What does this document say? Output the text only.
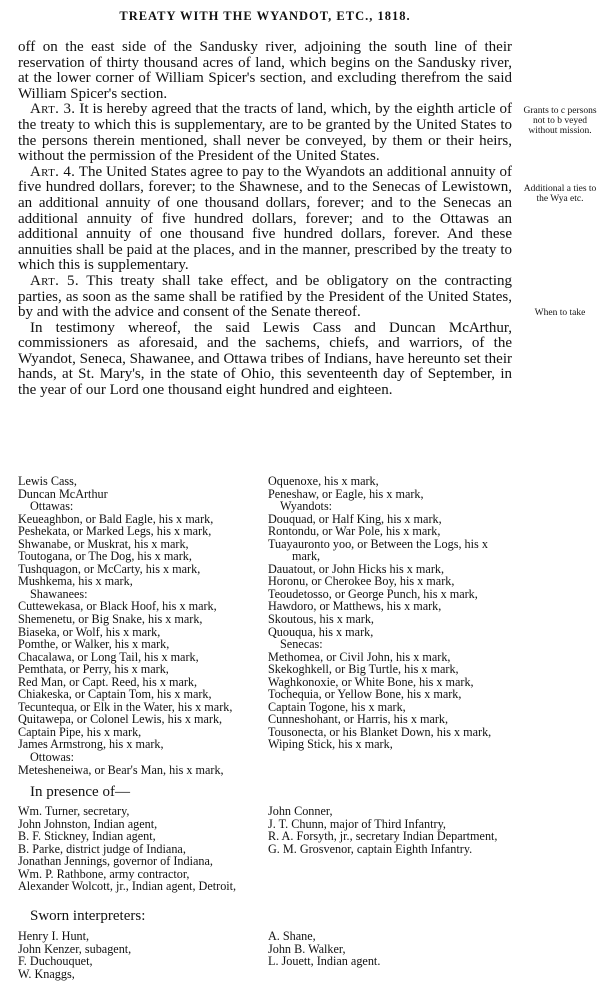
TREATY WITH THE WYANDOT, ETC., 1818.

off on the east side of the Sandusky river, adjoining the south line of their reservation of thirty thousand acres of land, which begins on the Sandusky river, at the lower corner of William Spicer's section, and excluding therefrom the said William Spicer's section.

Art. 3. It is hereby agreed that the tracts of land, which, by the eighth article of the treaty to which this is supplementary, are to be granted by the United States to the persons therein mentioned, shall never be conveyed, by them or their heirs, without the permission of the President of the United States.

Art. 4. The United States agree to pay to the Wyandots an additional annuity of five hundred dollars, forever; to the Shawnese, and to the Senecas of Lewistown, an additional annuity of one thousand dollars, forever; and to the Senecas an additional annuity of five hundred dollars, forever; and to the Ottawas an additional annuity of one thousand five hundred dollars, forever. And these annuities shall be paid at the places, and in the manner, prescribed by the treaty to which this is supplementary.

Art. 5. This treaty shall take effect, and be obligatory on the contracting parties, as soon as the same shall be ratified by the President of the United States, by and with the advice and consent of the Senate thereof.

In testimony whereof, the said Lewis Cass and Duncan McArthur, commissioners as aforesaid, and the sachems, chiefs, and warriors, of the Wyandot, Seneca, Shawanee, and Ottawa tribes of Indians, have hereunto set their hands, at St. Mary's, in the state of Ohio, this seventeenth day of September, in the year of our Lord one thousand eight hundred and eighteen.

Grants to c persons not to b veyed without mission.
Additional a ties to the Wya etc.
When to take
Lewis Cass,
Duncan McArthur
Ottawas:
Keueaghbon, or Bald Eagle, his x mark,
Peshekata, or Marked Legs, his x mark,
Shwanabe, or Muskrat, his x mark,
Toutogana, or The Dog, his x mark,
Tushquagon, or McCarty, his x mark,
Mushkema, his x mark,
Shawanees:
Cuttewekasa, or Black Hoof, his x mark,
Shemenetu, or Big Snake, his x mark,
Biaseka, or Wolf, his x mark,
Pomthe, or Walker, his x mark,
Chacalawa, or Long Tail, his x mark,
Pemthata, or Perry, his x mark,
Red Man, or Capt. Reed, his x mark,
Chiakeska, or Captain Tom, his x mark,
Tecuntequa, or Elk in the Water, his x mark,
Quitawepa, or Colonel Lewis, his x mark,
Captain Pipe, his x mark,
James Armstrong, his x mark,
Ottowas:
Metesheneiwa, or Bear's Man, his x mark,
Oquenoxe, his x mark,
Peneshaw, or Eagle, his x mark,
Wyandots:
Douquad, or Half King, his x mark,
Rontondu, or War Pole, his x mark,
Tuayauronto yoo, or Between the Logs, his x mark,
Dauatout, or John Hicks his x mark,
Horonu, or Cherokee Boy, his x mark,
Teoudetosso, or George Punch, his x mark,
Hawdoro, or Matthews, his x mark,
Skoutous, his x mark,
Quouqua, his x mark,
Senecas:
Methomea, or Civil John, his x mark,
Skekoghkell, or Big Turtle, his x mark,
Waghkonoxie, or White Bone, his x mark,
Tochequia, or Yellow Bone, his x mark,
Captain Togone, his x mark,
Cunneshohant, or Harris, his x mark,
Tousonecta, or his Blanket Down, his x mark,
Wiping Stick, his x mark,
In presence of—
Wm. Turner, secretary,
John Johnston, Indian agent,
B. F. Stickney, Indian agent,
B. Parke, district judge of Indiana,
Jonathan Jennings, governor of Indiana,
Wm. P. Rathbone, army contractor,
Alexander Wolcott, jr., Indian agent, Detroit,
John Conner,
J. T. Chunn, major of Third Infantry,
R. A. Forsyth, jr., secretary Indian Department,
G. M. Grosvenor, captain Eighth Infantry.
Sworn interpreters:
Henry I. Hunt,
John Kenzer, subagent,
F. Duchouquet,
W. Knaggs,
A. Shane,
John B. Walker,
L. Jouett, Indian agent.
